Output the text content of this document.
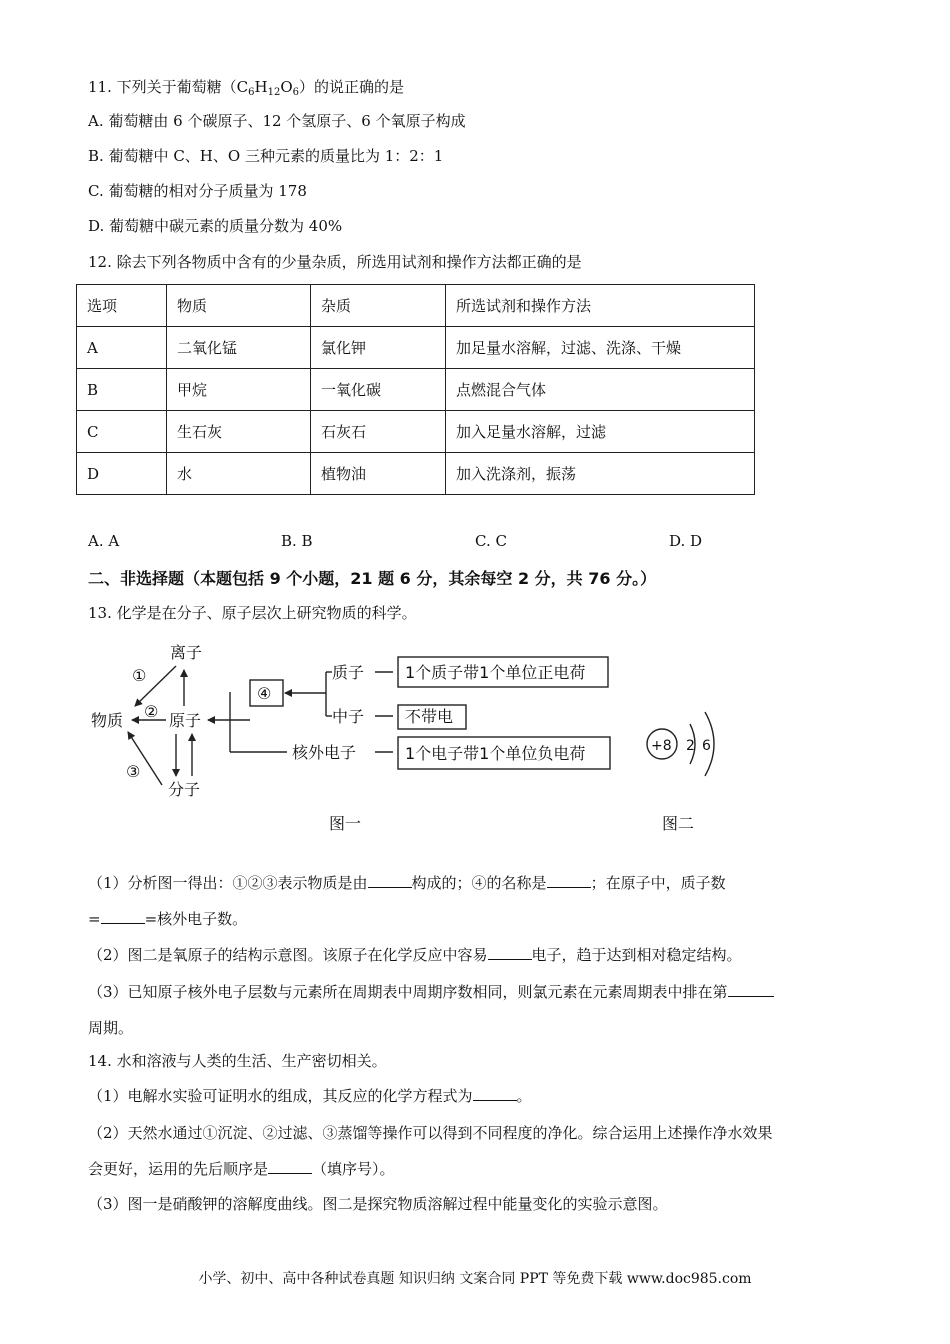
11. 下列关于葡萄糖$(C_6H_{12}O_6)$的说正确的是
A. 葡萄糖由 6 个碳原子、12 个氢原子、6 个氧原子构成
B. 葡萄糖中 C、H、O 三种元素的质量比为 1：2：1
C. 葡萄糖的相对分子质量为 178
D. 葡萄糖中碳元素的质量分数为 40%
12. 除去下列各物质中含有的少量杂质，所选用试剂和操作方法都正确的是
选项	物质	杂质	所选试剂和操作方法
A	二氧化锰	氯化钾	加足量水溶解，过滤、洗涤、干燥
B	甲烷	一氧化碳	点燃混合气体
C	生石灰	石灰石	加入足量水溶解，过滤
D	水	植物油	加入洗涤剂，振荡
A. A	B. B	C. C	D. D
二、非选择题（本题包括 9 个小题，21 题 6 分，其余每空 2 分，共 76 分。）
13. 化学是在分子、原子层次上研究物质的科学。
离子
物质	原子
分子
①
②
③
④
质子
中子
核外电子
1个质子带1个单位正电荷
不带电
1个电子带1个单位负电荷	+8 2 6
图一	图二
（1）分析图一得出：①②③表示物质是由	构成的；④的名称是	；在原子中，质子数
=	=核外电子数。
（2）图二是氧原子的结构示意图。该原子在化学反应中容易	电子，趋于达到相对稳定结构。
（3）已知原子核外电子层数与元素所在周期表中周期序数相同，则氯元素在元素周期表中排在第
周期。
14. 水和溶液与人类的生活、生产密切相关。
（1）电解水实验可证明水的组成，其反应的化学方程式为	。
（2）天然水通过①沉淀、②过滤、③蒸馏等操作可以得到不同程度的净化。综合运用上述操作净水效果
会更好，运用的先后顺序是	（填序号）。
（3）图一是硝酸钾的溶解度曲线。图二是探究物质溶解过程中能量变化的实验示意图。
小学、初中、高中各种试卷真题 知识归纳 文案合同 PPT 等免费下载 www.doc985.com
